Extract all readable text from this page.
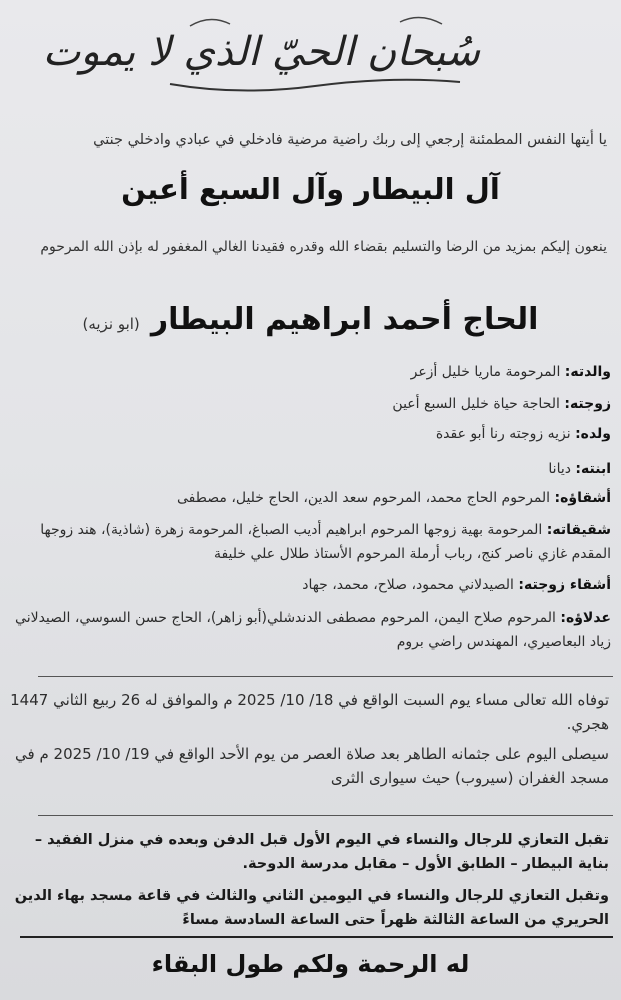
سُبحان الحيّ الذي لا يموت
يا أيتها النفس المطمئنة إرجعي إلى ربك راضية مرضية فادخلي في عبادي وادخلي جنتي
آل البيطار وآل السبع أعين
ينعون إليكم بمزيد من الرضا والتسليم بقضاء الله وقدره فقيدنا الغالي المغفور له بإذن الله المرحوم
الحاج أحمد ابراهيم البيطار (ابو نزيه)
والدته: المرحومة ماريا خليل أزعر
زوجته: الحاجة حياة خليل السبع أعين
ولده: نزيه زوجته رنا أبو عقدة
ابنته: ديانا
أشقاؤه: المرحوم الحاج محمد، المرحوم سعد الدين، الحاج خليل، مصطفى
شقيقاته: المرحومة بهية زوجها المرحوم ابراهيم أديب الصباغ، المرحومة زهرة (شاذية)، هند زوجها المقدم غازي ناصر كنج، رباب أرملة المرحوم الأستاذ طلال علي خليفة
أشقاء زوجته: الصيدلاني محمود، صلاح، محمد، جهاد
عدلاؤه: المرحوم صلاح اليمن، المرحوم مصطفى الدندشلي(أبو زاهر)، الحاج حسن السوسي، الصيدلاني زياد البعاصيري، المهندس راضي بروم
توفاه الله تعالى مساء يوم السبت الواقع في 18/ 10/ 2025 م والموافق له 26 ربيع الثاني 1447 هجري.
سيصلى اليوم على جثمانه الطاهر بعد صلاة العصر من يوم الأحد الواقع في 19/ 10/ 2025 م في مسجد الغفران (سيروب) حيث سيوارى الثرى
تقبل التعازي للرجال والنساء في اليوم الأول قبل الدفن وبعده في منزل الفقيد – بناية البيطار – الطابق الأول – مقابل مدرسة الدوحة.
وتقبل التعازي للرجال والنساء في اليومين الثاني والثالث في قاعة مسجد بهاء الدين الحريري من الساعة الثالثة ظهراً حتى الساعة السادسة مساءً
له الرحمة ولكم طول البقاء
